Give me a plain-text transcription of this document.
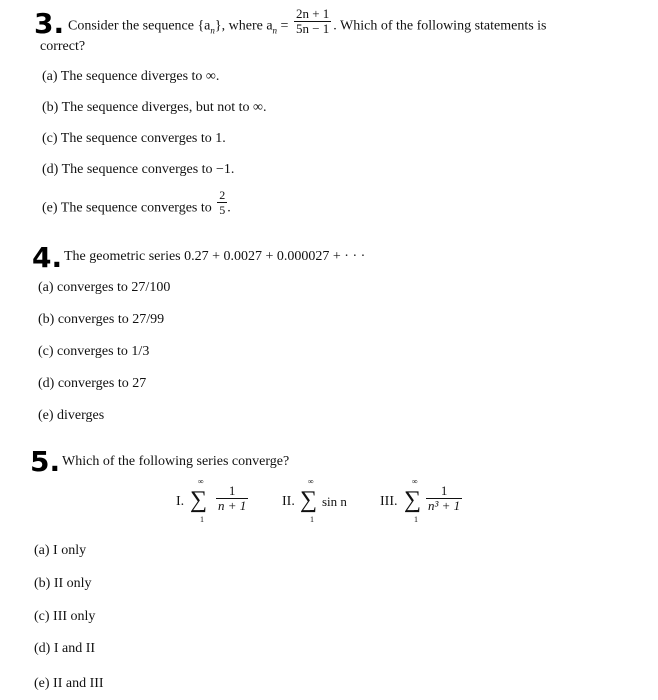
3. Consider the sequence $\{a_n\}$, where $a_n = \frac{2n + 1}{5n - 1}$ . Which of the following statements is
correct?
(a) The sequence diverges to ∞.
(b) The sequence diverges, but not to ∞.
(c) The sequence converges to 1.
(d) The sequence converges to −1.
(e) The sequence converges to $\frac{2}{5}$ .
4. The geometric series 0.27 + 0.0027 + 0.000027 + · · ·
(a) converges to 27/100
(b) converges to 27/99
(c) converges to 1/3
(d) converges to 27
(e) diverges
5. Which of the following series converge?
I.
∞
∑
1
$\frac{1}{n + 1}$ II.
∞
∑
1
sin n III.
∞
∑
1
$\frac{1}{\text{n³ + 1}}$
(a) I only
(b) II only
(c) III only
(d) I and II
(e) II and III
